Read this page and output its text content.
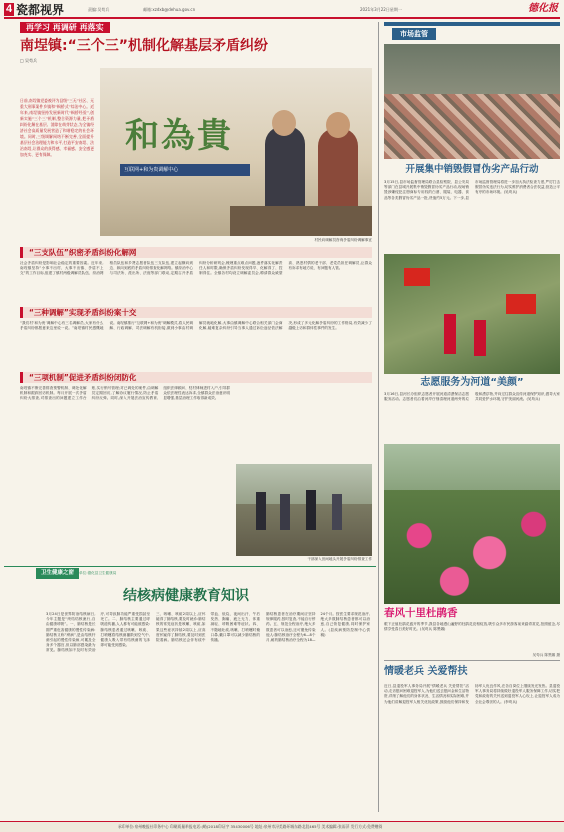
4 瓷都视界	责编:吴苟兵	邮箱:xzdxb@dehua.gov.cn	2021年3月22日星期一	德化报
再学习 再调研 再落实
南埕镇:“三个三”机制化解基层矛盾纠纷
□ 吴苟兵
日前,南埕镇党委被评为县级“三无”社区、无重大刑事案件乡镇和“枫桥式”综治中心。近年来,南埕镇坚持发展新时代“枫桥经验”,创新实施“三个三”机制,整合资源力量,把矛盾纠纷化解在基层、消除在萌芽状态,为全镇经济社会高质量发展营造了和谐稳定的社会环境。同时,三级调解网络不断完善,全面提升基层社会治理能力和水平,打造平安南埕、法治南埕,让群众的获得感、幸福感、安全感更加充实、更有保障。	和為貴
互联网+和为贵调解中心
村民向调解员咨询矛盾纠纷调解事宜
“三支队伍”织密矛盾纠纷化解网
社会矛盾纠纷是影响社会稳定的重要因素。近年来,南埕镇坚持“小事不出村、大事不出镇、矛盾不上交”的工作目标,组建了镇村两级调解员队伍、综治网格员队伍和乡贤志愿者队伍三支队伍,建立起横向到边、纵向到底的矛盾纠纷排查化解网络。镇综治中心与司法所、派出所、法庭等部门联动,定期召开矛盾纠纷分析研判会,梳理重点难点问题,逐件落实化解责任人和时限,确保矛盾纠纷发现得早、化解得了、控制得住。全镇各村均设立调解委员会,聘请群众威望高、熟悉村情的老干部、老党员担任调解员,让群众有诉求有地方说、有问题有人管。
“三种调解”实现矛盾纠纷案十交
“我们村‘和为贵’调解中心有三名调解员,大家有什么矛盾纠纷都愿意来这里说一说。”南埕镇村民感慨地说。南埕镇推行“互联网+和为贵”调解模式,将人民调解、行政调解、司法调解有机衔接,做到小事由村调解员就地化解,大事由镇调解中心联合相关部门会商化解,疑难复杂纠纷引导当事人通过诉讼途径依法解决,形成了多元化解矛盾纠纷的工作格局,有效减少了越级上访和群体性事件的发生。
“三项机制”促进矛盾纠纷闭防化
南埕镇不断完善排查预警机制、调处化解机制和跟踪回访机制。每月开展一次矛盾纠纷大排查,对排查出的问题建立工作台账,实行销号管理;对已调处的案件,由调解员定期回访,了解协议履行情况,防止矛盾纠纷反弹。同时,深入开展法治宣传教育,组织法律顾问、驻村律师进村入户,引导群众依法理性表达诉求,全镇群众法治意识明显增强,基层治理工作取得新成效。
干部深入田间地头开展矛盾纠纷排查工作
市场监管
开展集中销毁假冒伪劣产品行动
3月15日,县市场监督管理局联合县检察院、县公安局等部门在县城开展集中销毁假冒伪劣产品行动,现场销毁涉嫌侵犯注册商标专用权的白酒、服装、电器、食品等各类假冒伪劣产品一批,货值约5万元。下一步,县市场监督管理局将进一步加大执法检查力度,严厉打击假冒伪劣违法行为,切实维护消费者合法权益,营造公平有序的市场环境。(吴苟兵)
志愿服务为河道“美颜”
3月16日,县河长办组织志愿者开展河道清漂保洁志愿服务活动。志愿者们沿着河岸仔细清理河道两旁的垃圾和漂浮物,并向过往群众宣传河道保护知识,倡导大家共同爱护水环境,守护美丽河流。(吴苟兵)
春风十里杜鹃香
眼下正值杜鹃花盛开的季节,我县各地漫山遍野的杜鹃花竞相绽放,吸引众多市民游客前来踏青赏花,拍照留念,尽情享受春日美好时光。(吴苟兵 陈黑娜)
吴苟兵 陈黑娜 摄
卫生健康之窗
协办单位:德化县卫生健康局
结核病健康教育知识
3月24日是世界防治结核病日,今年主题是“终结结核流行,自由健康呼吸”。一、肺结核是长期严重危害健康的慢性传染病:肺结核又称“痨病”,是由结核杆菌引起的慢性传染病,可累及全身多个器官,但以肺部感染最为常见。肺结核如不及时有效治疗,可导致肺功能严重受损甚至死亡。二、肺结核主要通过呼吸道传播,人人都有可能被感染:肺结核患者通过咳嗽、咳痰、打喷嚏将结核菌播散到空气中,健康人吸入带有结核菌的飞沫即可能受到感染。
三、咳嗽、咳痰2周以上,应怀疑得了肺结核,要及时就诊:肺结核的常见症状是咳嗽、咳痰,如果这些症状持续2周以上,应高度怀疑得了肺结核,要及时到医院看病。肺结核还会伴有痰中带血、低烧、夜间出汗、午后发热、胸痛、疲乏无力、体重减轻、呼吸困难等症状。四、不随地吐痰,咳嗽、打喷嚏时掩口鼻,戴口罩可以减少肺结核的传播。
肺结核患者在治疗期间应坚持规律服药,按时复查,不能自行停药。五、规范全程治疗,绝大多数患者可以治愈,还可避免传染他人:肺结核治疗全程为6—8个月,耐药肺结核治疗全程为18—24个月。按医生要求规范治疗,绝大多数肺结核患者都可以治愈,自己恢复健康,同时保护家人。(县疾病预防控制中心供稿)
情暖老兵 关爱帮扶
近日,县退役军人事务局开展“情暖老兵 关爱帮扶”活动,走访慰问困难退役军人,为他们送去慰问金和生活物资,详细了解他们的身体状况、生活情况和实际困难,并为他们讲解退役军人相关优抚政策,鼓励他们保持和发扬军人优良作风,在各自岗位上继续发光发热。县退役军人事务局将持续做好退役军人服务保障工作,切实把党和政府的关怀送到退役军人心坎上,让退役军人成为全社会尊崇的人。(李苟兵)
承印单位:泉州晚报社印务中心 印刷质量举报电话:(略)2018印证字 35430006号 地址:泉州市浔美路环城东路北段465号 美术编辑:张雨萍 发行方式:免费赠阅
